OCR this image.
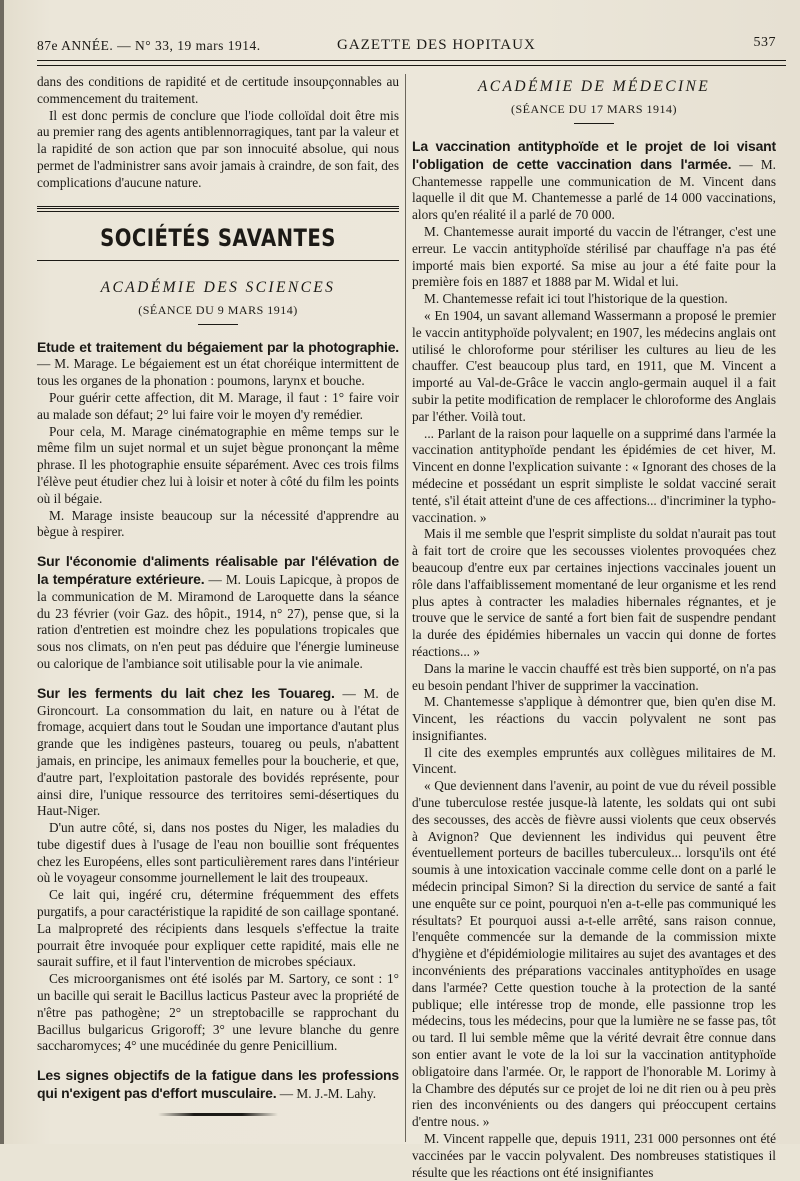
87e ANNÉE. — N° 33, 19 mars 1914.	GAZETTE DES HOPITAUX	537

dans des conditions de rapidité et de certitude insoupçonnables au commencement du traitement.

Il est donc permis de conclure que l'iode colloïdal doit être mis au premier rang des agents antiblennorragiques, tant par la valeur et la rapidité de son action que par son innocuité absolue, qui nous permet de l'administrer sans avoir jamais à craindre, de son fait, des complications d'aucune nature.

SOCIÉTÉS SAVANTES
ACADÉMIE DES SCIENCES
(SÉANCE DU 9 MARS 1914)

Etude et traitement du bégaiement par la photographie. — M. Marage. Le bégaiement est un état choréique intermittent de tous les organes de la phonation : poumons, larynx et bouche.

Pour guérir cette affection, dit M. Marage, il faut : 1° faire voir au malade son défaut; 2° lui faire voir le moyen d'y remédier.

Pour cela, M. Marage cinématographie en même temps sur le même film un sujet normal et un sujet bègue prononçant la même phrase. Il les photographie ensuite séparément. Avec ces trois films l'élève peut étudier chez lui à loisir et noter à côté du film les points où il bégaie.

M. Marage insiste beaucoup sur la nécessité d'apprendre au bègue à respirer.

Sur l'économie d'aliments réalisable par l'élévation de la température extérieure. — M. Louis Lapicque, à propos de la communication de M. Miramond de Laroquette dans la séance du 23 février (voir Gaz. des hôpit., 1914, n° 27), pense que, si la ration d'entretien est moindre chez les populations tropicales que sous nos climats, on n'en peut pas déduire que l'énergie lumineuse ou calorique de l'ambiance soit utilisable pour la vie animale.

Sur les ferments du lait chez les Touareg. — M. de Gironcourt. La consommation du lait, en nature ou à l'état de fromage, acquiert dans tout le Soudan une importance d'autant plus grande que les indigènes pasteurs, touareg ou peuls, n'abattent jamais, en principe, les animaux femelles pour la boucherie, et que, d'autre part, l'exploitation pastorale des bovidés représente, pour ainsi dire, l'unique ressource des territoires semi-désertiques du Haut-Niger.

D'un autre côté, si, dans nos postes du Niger, les maladies du tube digestif dues à l'usage de l'eau non bouillie sont fréquentes chez les Européens, elles sont particulièrement rares dans l'intérieur où le voyageur consomme journellement le lait des troupeaux.

Ce lait qui, ingéré cru, détermine fréquemment des effets purgatifs, a pour caractéristique la rapidité de son caillage spontané. La malpropreté des récipients dans lesquels s'effectue la traite pourrait être invoquée pour expliquer cette rapidité, mais elle ne saurait suffire, et il faut l'intervention de microbes spéciaux.

Ces microorganismes ont été isolés par M. Sartory, ce sont : 1° un bacille qui serait le Bacillus lacticus Pasteur avec la propriété de n'être pas pathogène; 2° un streptobacille se rapprochant du Bacillus bulgaricus Grigoroff; 3° une levure blanche du genre saccharomyces; 4° une mucédinée du genre Penicillium.

Les signes objectifs de la fatigue dans les professions qui n'exigent pas d'effort musculaire. — M. J.-M. Lahy.

ACADÉMIE DE MÉDECINE
(SÉANCE DU 17 MARS 1914)

La vaccination antityphoïde et le projet de loi visant l'obligation de cette vaccination dans l'armée. — M. Chantemesse rappelle une communication de M. Vincent dans laquelle il dit que M. Chantemesse a parlé de 14 000 vaccinations, alors qu'en réalité il a parlé de 70 000.

M. Chantemesse aurait importé du vaccin de l'étranger, c'est une erreur. Le vaccin antityphoïde stérilisé par chauffage n'a pas été importé mais bien exporté. Sa mise au jour a été faite pour la première fois en 1887 et 1888 par M. Widal et lui.

M. Chantemesse refait ici tout l'historique de la question.

« En 1904, un savant allemand Wassermann a proposé le premier le vaccin antityphoïde polyvalent; en 1907, les médecins anglais ont utilisé le chloroforme pour stériliser les cultures au lieu de les chauffer. C'est beaucoup plus tard, en 1911, que M. Vincent a importé au Val-de-Grâce le vaccin anglo-germain auquel il a fait subir la petite modification de remplacer le chloroforme des Anglais par l'éther. Voilà tout.

... Parlant de la raison pour laquelle on a supprimé dans l'armée la vaccination antityphoïde pendant les épidémies de cet hiver, M. Vincent en donne l'explication suivante : « Ignorant des choses de la médecine et possédant un esprit simpliste le soldat vacciné serait tenté, s'il était atteint d'une de ces affections... d'incriminer la typho-vaccination. »

Mais il me semble que l'esprit simpliste du soldat n'aurait pas tout à fait tort de croire que les secousses violentes provoquées chez beaucoup d'entre eux par certaines injections vaccinales jouent un rôle dans l'affaiblissement momentané de leur organisme et les rend plus aptes à contracter les maladies hibernales régnantes, et je trouve que le service de santé a fort bien fait de suspendre pendant la durée des épidémies hibernales un vaccin qui donne de fortes réactions... »

Dans la marine le vaccin chauffé est très bien supporté, on n'a pas eu besoin pendant l'hiver de supprimer la vaccination.

M. Chantemesse s'applique à démontrer que, bien qu'en dise M. Vincent, les réactions du vaccin polyvalent ne sont pas insignifiantes.

Il cite des exemples empruntés aux collègues militaires de M. Vincent.

« Que deviennent dans l'avenir, au point de vue du réveil possible d'une tuberculose restée jusque-là latente, les soldats qui ont subi des secousses, des accès de fièvre aussi violents que ceux observés à Avignon? Que deviennent les individus qui peuvent être éventuellement porteurs de bacilles tuberculeux... lorsqu'ils ont été soumis à une intoxication vaccinale comme celle dont on a parlé le médecin principal Simon? Si la direction du service de santé a fait une enquête sur ce point, pourquoi n'en a-t-elle pas communiqué les résultats? Et pourquoi aussi a-t-elle arrêté, sans raison connue, l'enquête commencée sur la demande de la commission mixte d'hygiène et d'épidémiologie militaires au sujet des avantages et des inconvénients des préparations vaccinales antityphoïdes en usage dans l'armée? Cette question touche à la protection de la santé publique; elle intéresse trop de monde, elle passionne trop les médecins, tous les médecins, pour que la lumière ne se fasse pas, tôt ou tard. Il lui semble même que la vérité devrait être connue dans son entier avant le vote de la loi sur la vaccination antityphoïde obligatoire dans l'armée. Or, le rapport de l'honorable M. Lorimy à la Chambre des députés sur ce projet de loi ne dit rien ou à peu près rien des inconvénients ou des dangers qui préoccupent certains d'entre nous. »

M. Vincent rappelle que, depuis 1911, 231 000 personnes ont été vaccinées par le vaccin polyvalent. Des nombreuses statistiques il résulte que les réactions ont été insignifiantes
